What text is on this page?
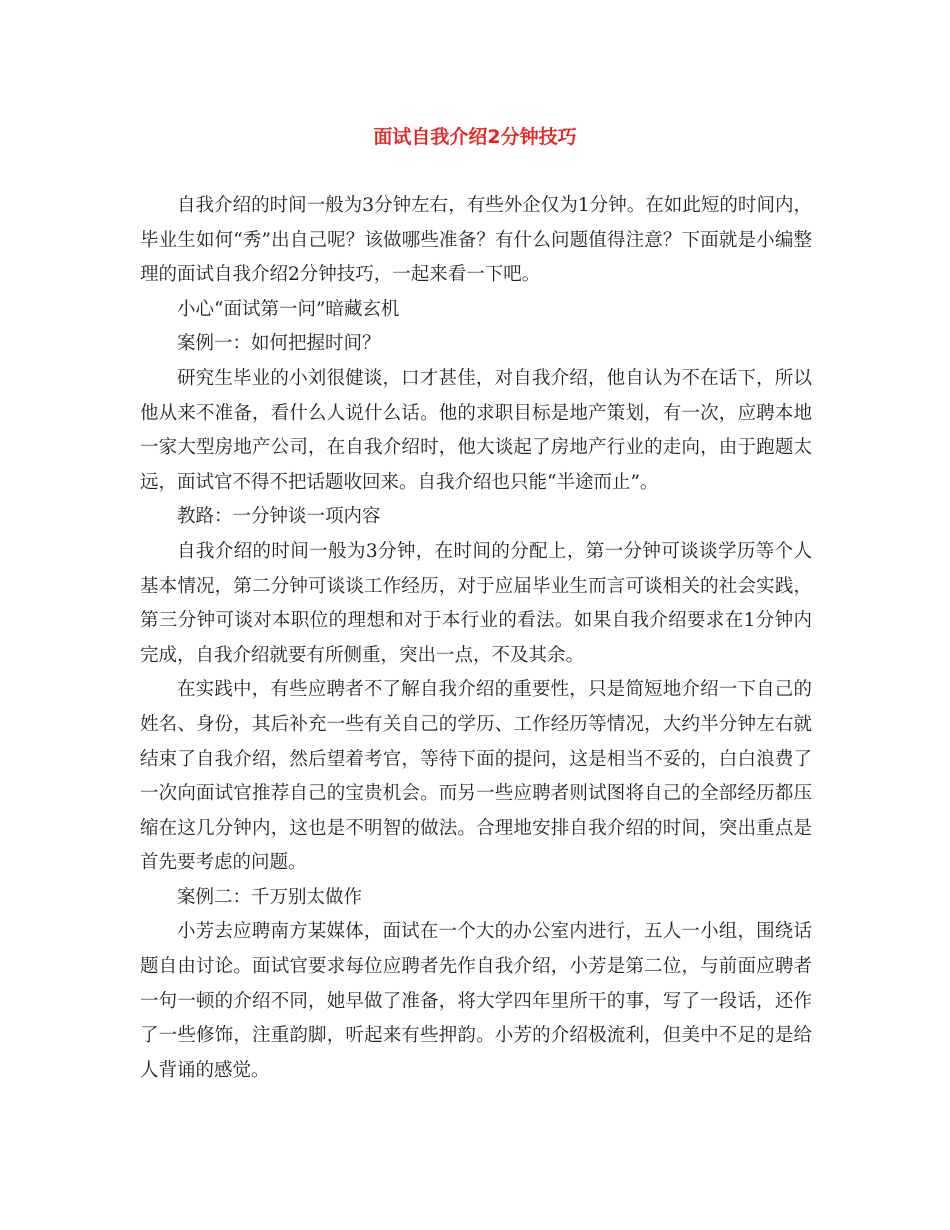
面试自我介绍2分钟技巧

自我介绍的时间一般为3分钟左右，有些外企仅为1分钟。在如此短的时间内，毕业生如何“秀”出自己呢？该做哪些准备？有什么问题值得注意？下面就是小编整理的面试自我介绍2分钟技巧，一起来看一下吧。

小心“面试第一问”暗藏玄机

案例一：如何把握时间？

研究生毕业的小刘很健谈，口才甚佳，对自我介绍，他自认为不在话下，所以他从来不准备，看什么人说什么话。他的求职目标是地产策划，有一次，应聘本地一家大型房地产公司，在自我介绍时，他大谈起了房地产行业的走向，由于跑题太远，面试官不得不把话题收回来。自我介绍也只能“半途而止”。

教路：一分钟谈一项内容

自我介绍的时间一般为3分钟，在时间的分配上，第一分钟可谈谈学历等个人基本情况，第二分钟可谈谈工作经历，对于应届毕业生而言可谈相关的社会实践，第三分钟可谈对本职位的理想和对于本行业的看法。如果自我介绍要求在1分钟内完成，自我介绍就要有所侧重，突出一点，不及其余。

在实践中，有些应聘者不了解自我介绍的重要性，只是简短地介绍一下自己的姓名、身份，其后补充一些有关自己的学历、工作经历等情况，大约半分钟左右就结束了自我介绍，然后望着考官，等待下面的提问，这是相当不妥的，白白浪费了一次向面试官推荐自己的宝贵机会。而另一些应聘者则试图将自己的全部经历都压缩在这几分钟内，这也是不明智的做法。合理地安排自我介绍的时间，突出重点是首先要考虑的问题。

案例二：千万别太做作

小芳去应聘南方某媒体，面试在一个大的办公室内进行，五人一小组，围绕话题自由讨论。面试官要求每位应聘者先作自我介绍，小芳是第二位，与前面应聘者一句一顿的介绍不同，她早做了准备，将大学四年里所干的事，写了一段话，还作了一些修饰，注重韵脚，听起来有些押韵。小芳的介绍极流利，但美中不足的是给人背诵的感觉。
